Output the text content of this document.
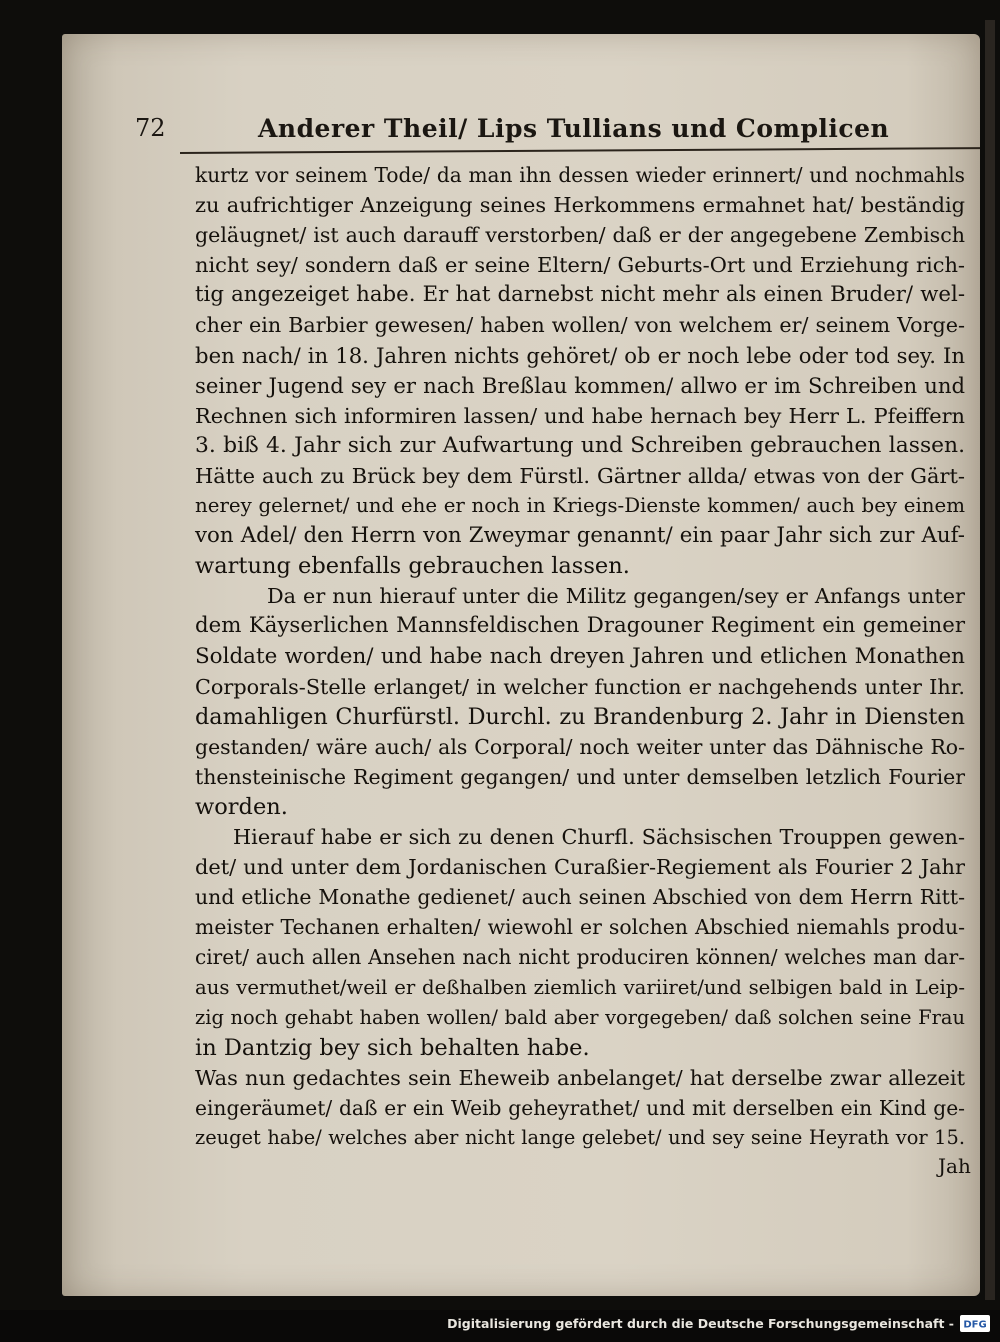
72	Anderer Theil/ Lips Tullians und Complicen
kurtz vor seinem Tode/ da man ihn dessen wieder erinnert/ und nochmahls
zu aufrichtiger Anzeigung seines Herkommens ermahnet hat/ beständig
geläugnet/ ist auch darauff verstorben/ daß er der angegebene Zembisch
nicht sey/ sondern daß er seine Eltern/ Geburts-Ort und Erziehung rich-
tig angezeiget habe. Er hat darnebst nicht mehr als einen Bruder/ wel-
cher ein Barbier gewesen/ haben wollen/ von welchem er/ seinem Vorge-
ben nach/ in 18. Jahren nichts gehöret/ ob er noch lebe oder tod sey. In
seiner Jugend sey er nach Breßlau kommen/ allwo er im Schreiben und
Rechnen sich informiren lassen/ und habe hernach bey Herr L. Pfeiffern
3. biß 4. Jahr sich zur Aufwartung und Schreiben gebrauchen lassen.
Hätte auch zu Brück bey dem Fürstl. Gärtner allda/ etwas von der Gärt-
nerey gelernet/ und ehe er noch in Kriegs-Dienste kommen/ auch bey einem
von Adel/ den Herrn von Zweymar genannt/ ein paar Jahr sich zur Auf-
wartung ebenfalls gebrauchen lassen.
Da er nun hierauf unter die Militz gegangen/sey er Anfangs unter
dem Käyserlichen Mannsfeldischen Dragouner Regiment ein gemeiner
Soldate worden/ und habe nach dreyen Jahren und etlichen Monathen
Corporals-Stelle erlanget/ in welcher function er nachgehends unter Ihr.
damahligen Churfürstl. Durchl. zu Brandenburg 2. Jahr in Diensten
gestanden/ wäre auch/ als Corporal/ noch weiter unter das Dähnische Ro-
thensteinische Regiment gegangen/ und unter demselben letzlich Fourier
worden.
Hierauf habe er sich zu denen Churfl. Sächsischen Trouppen gewen-
det/ und unter dem Jordanischen Curaßier-Regiement als Fourier 2 Jahr
und etliche Monathe gedienet/ auch seinen Abschied von dem Herrn Ritt-
meister Techanen erhalten/ wiewohl er solchen Abschied niemahls produ-
ciret/ auch allen Ansehen nach nicht produciren können/ welches man dar-
aus vermuthet/weil er deßhalben ziemlich variiret/und selbigen bald in Leip-
zig noch gehabt haben wollen/ bald aber vorgegeben/ daß solchen seine Frau
in Dantzig bey sich behalten habe.
Was nun gedachtes sein Eheweib anbelanget/ hat derselbe zwar allezeit
eingeräumet/ daß er ein Weib geheyrathet/ und mit derselben ein Kind ge-
zeuget habe/ welches aber nicht lange gelebet/ und sey seine Heyrath vor 15.
Jah
Digitalisierung gefördert durch die Deutsche Forschungsgemeinschaft - DFG
